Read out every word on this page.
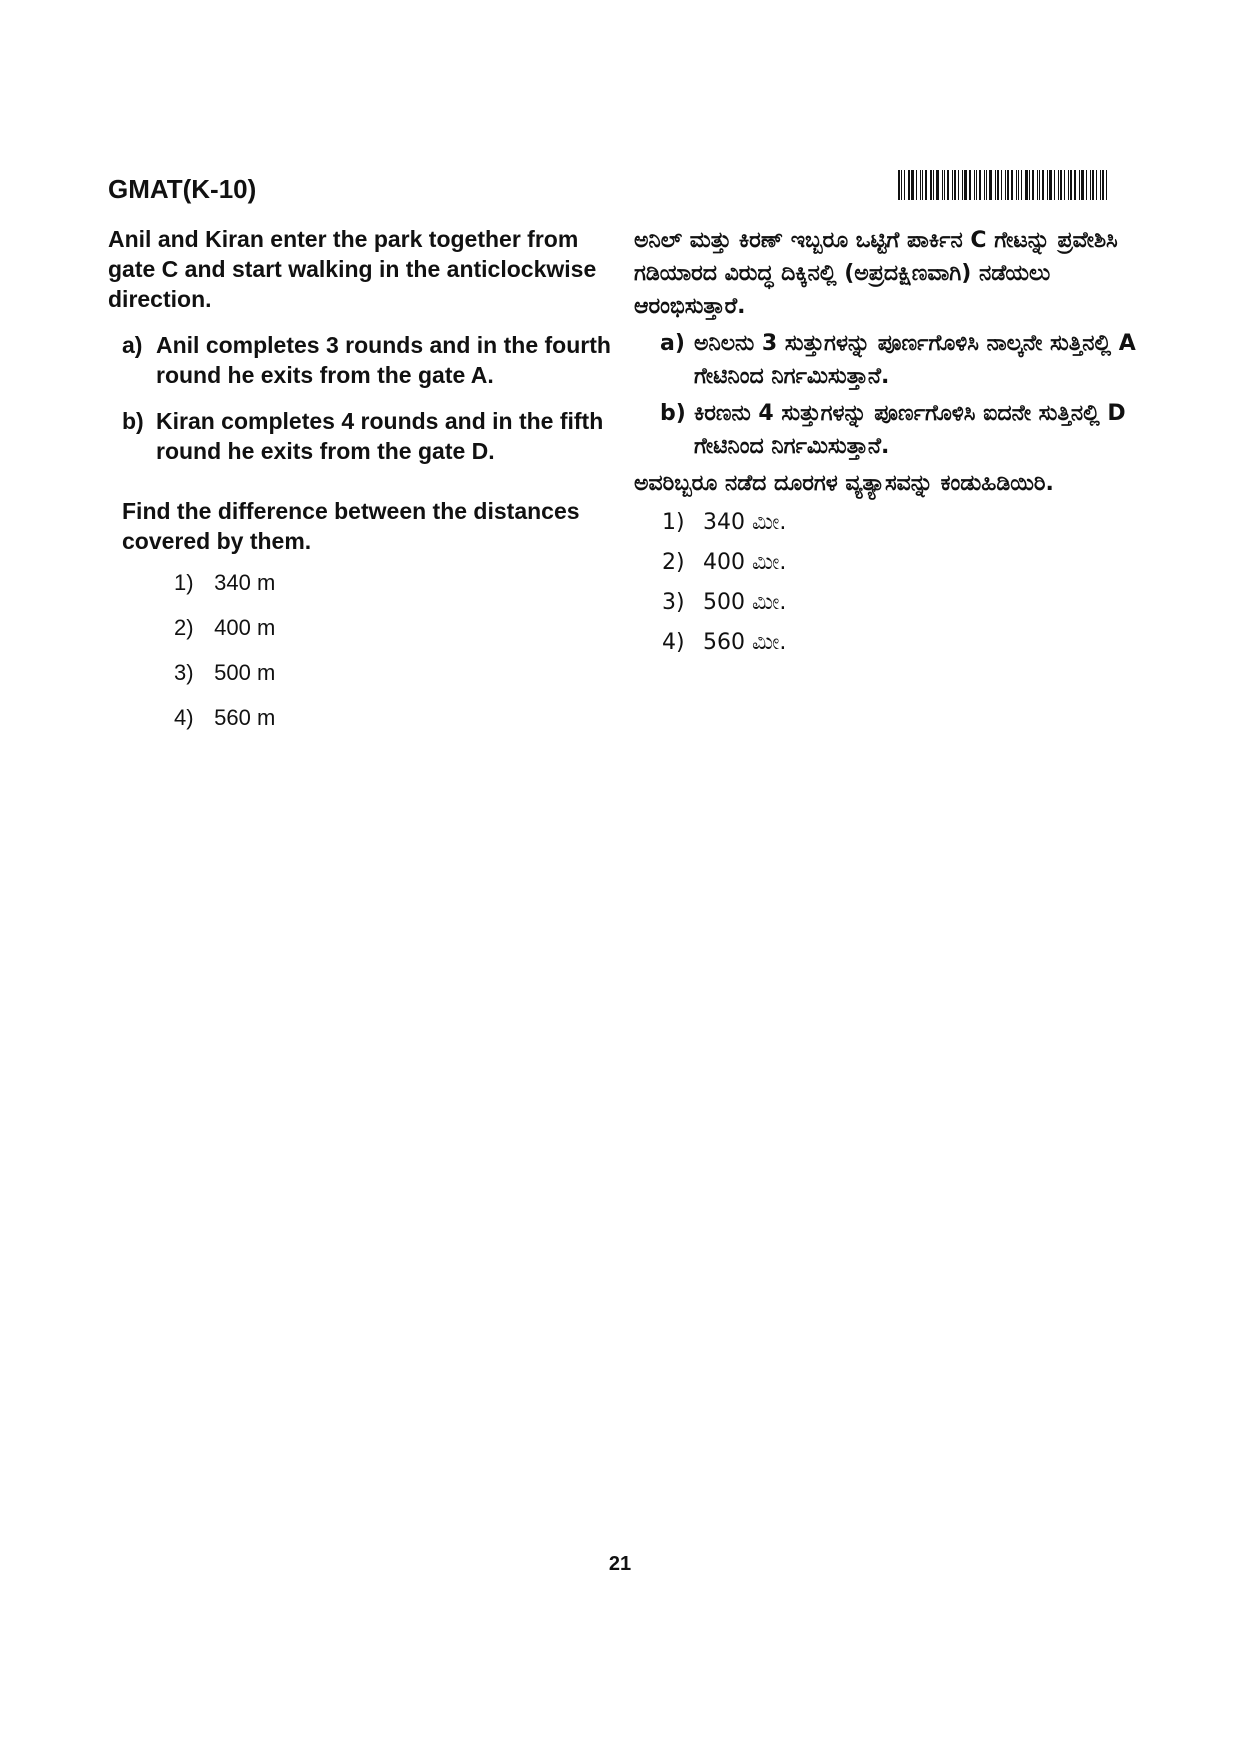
GMAT(K-10)
Anil and Kiran enter the park together from gate C and start walking in the anticlockwise direction.
a) Anil completes 3 rounds and in the fourth round he exits from the gate A.
b) Kiran completes 4 rounds and in the fifth round he exits from the gate D.
Find the difference between the distances covered by them.
1) 340 m
2) 400 m
3) 500 m
4) 560 m
ಅನಿಲ್ ಮತ್ತು ಕಿರಣ್ ಇಬ್ಬರೂ ಒಟ್ಟಿಗೆ ಪಾರ್ಕಿನ C ಗೇಟನ್ನು ಪ್ರವೇಶಿಸಿ ಗಡಿಯಾರದ ವಿರುದ್ಧ ದಿಕ್ಕಿನಲ್ಲಿ (ಅಪ್ರದಕ್ಷಿಣವಾಗಿ) ನಡೆಯಲು ಆರಂಭಿಸುತ್ತಾರೆ.
a) ಅನಿಲನು 3 ಸುತ್ತುಗಳನ್ನು ಪೂರ್ಣಗೊಳಿಸಿ ನಾಲ್ಕನೇ ಸುತ್ತಿನಲ್ಲಿ A ಗೇಟಿನಿಂದ ನಿರ್ಗಮಿಸುತ್ತಾನೆ.
b) ಕಿರಣನು 4 ಸುತ್ತುಗಳನ್ನು ಪೂರ್ಣಗೊಳಿಸಿ ಐದನೇ ಸುತ್ತಿನಲ್ಲಿ D ಗೇಟಿನಿಂದ ನಿರ್ಗಮಿಸುತ್ತಾನೆ.
ಅವರಿಬ್ಬರೂ ನಡೆದ ದೂರಗಳ ವ್ಯತ್ಯಾಸವನ್ನು ಕಂಡುಹಿಡಿಯಿರಿ.
1) 340 ಮೀ.
2) 400 ಮೀ.
3) 500 ಮೀ.
4) 560 ಮೀ.
21
